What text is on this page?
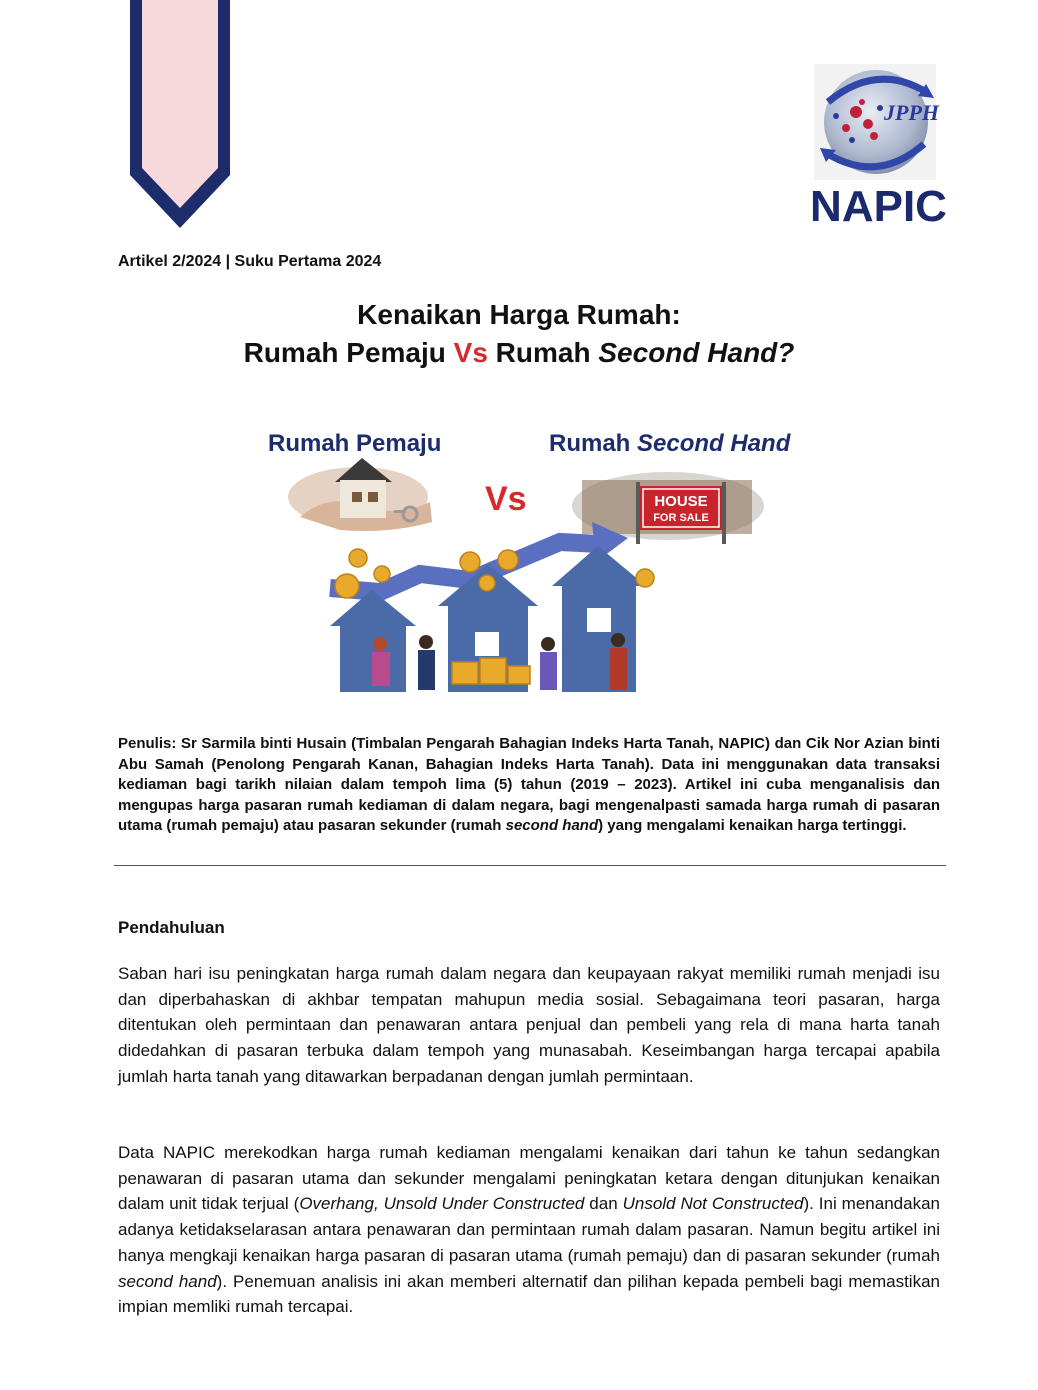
JPPH
NAPIC
Artikel 2/2024 | Suku Pertama 2024
Kenaikan Harga Rumah:
Rumah Pemaju Vs Rumah Second Hand?
Rumah Pemaju	Rumah Second Hand
Vs	HOUSE
FOR SALE
Penulis: Sr Sarmila binti Husain (Timbalan Pengarah Bahagian Indeks Harta Tanah, NAPIC) dan Cik Nor Azian binti Abu Samah (Penolong Pengarah Kanan, Bahagian Indeks Harta Tanah). Data ini menggunakan data transaksi kediaman bagi tarikh nilaian dalam tempoh lima (5) tahun (2019 – 2023). Artikel ini cuba menganalisis dan mengupas harga pasaran rumah kediaman di dalam negara, bagi mengenalpasti samada harga rumah di pasaran utama (rumah pemaju) atau pasaran sekunder (rumah second hand) yang mengalami kenaikan harga tertinggi.
Pendahuluan

Saban hari isu peningkatan harga rumah dalam negara dan keupayaan rakyat memiliki rumah menjadi isu dan diperbahaskan di akhbar tempatan mahupun media sosial. Sebagaimana teori pasaran, harga ditentukan oleh permintaan dan penawaran antara penjual dan pembeli yang rela di mana harta tanah didedahkan di pasaran terbuka dalam tempoh yang munasabah. Keseimbangan harga tercapai apabila jumlah harta tanah yang ditawarkan berpadanan dengan jumlah permintaan.

Data NAPIC merekodkan harga rumah kediaman mengalami kenaikan dari tahun ke tahun sedangkan penawaran di pasaran utama dan sekunder mengalami peningkatan ketara dengan ditunjukan kenaikan dalam unit tidak terjual (Overhang, Unsold Under Constructed dan Unsold Not Constructed). Ini menandakan adanya ketidakselarasan antara penawaran dan permintaan rumah dalam pasaran. Namun begitu artikel ini hanya mengkaji kenaikan harga pasaran di pasaran utama (rumah pemaju) dan di pasaran sekunder (rumah second hand). Penemuan analisis ini akan memberi alternatif dan pilihan kepada pembeli bagi memastikan impian memliki rumah tercapai.
